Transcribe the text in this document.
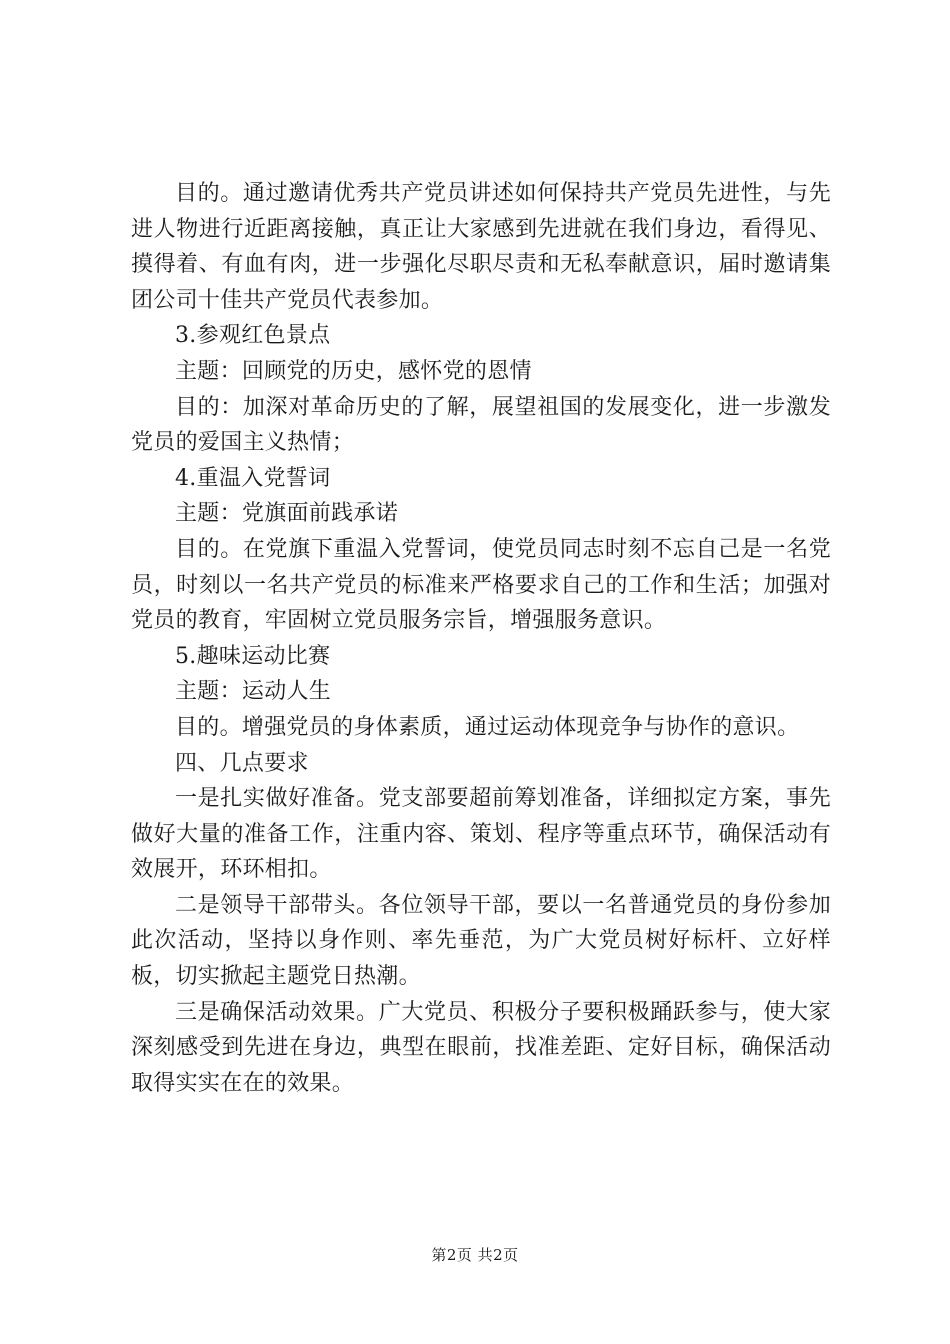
目的。通过邀请优秀共产党员讲述如何保持共产党员先进性，与先进人物进行近距离接触，真正让大家感到先进就在我们身边，看得见、摸得着、有血有肉，进一步强化尽职尽责和无私奉献意识，届时邀请集团公司十佳共产党员代表参加。

3.参观红色景点

主题：回顾党的历史，感怀党的恩情

目的：加深对革命历史的了解，展望祖国的发展变化，进一步激发党员的爱国主义热情；

4.重温入党誓词

主题：党旗面前践承诺

目的。在党旗下重温入党誓词，使党员同志时刻不忘自己是一名党员，时刻以一名共产党员的标准来严格要求自己的工作和生活；加强对党员的教育，牢固树立党员服务宗旨，增强服务意识。

5.趣味运动比赛

主题：运动人生

目的。增强党员的身体素质，通过运动体现竞争与协作的意识。

四、几点要求

一是扎实做好准备。党支部要超前筹划准备，详细拟定方案，事先做好大量的准备工作，注重内容、策划、程序等重点环节，确保活动有效展开，环环相扣。

二是领导干部带头。各位领导干部，要以一名普通党员的身份参加此次活动，坚持以身作则、率先垂范，为广大党员树好标杆、立好样板，切实掀起主题党日热潮。

三是确保活动效果。广大党员、积极分子要积极踊跃参与，使大家深刻感受到先进在身边，典型在眼前，找准差距、定好目标，确保活动取得实实在在的效果。

第2页 共2页
